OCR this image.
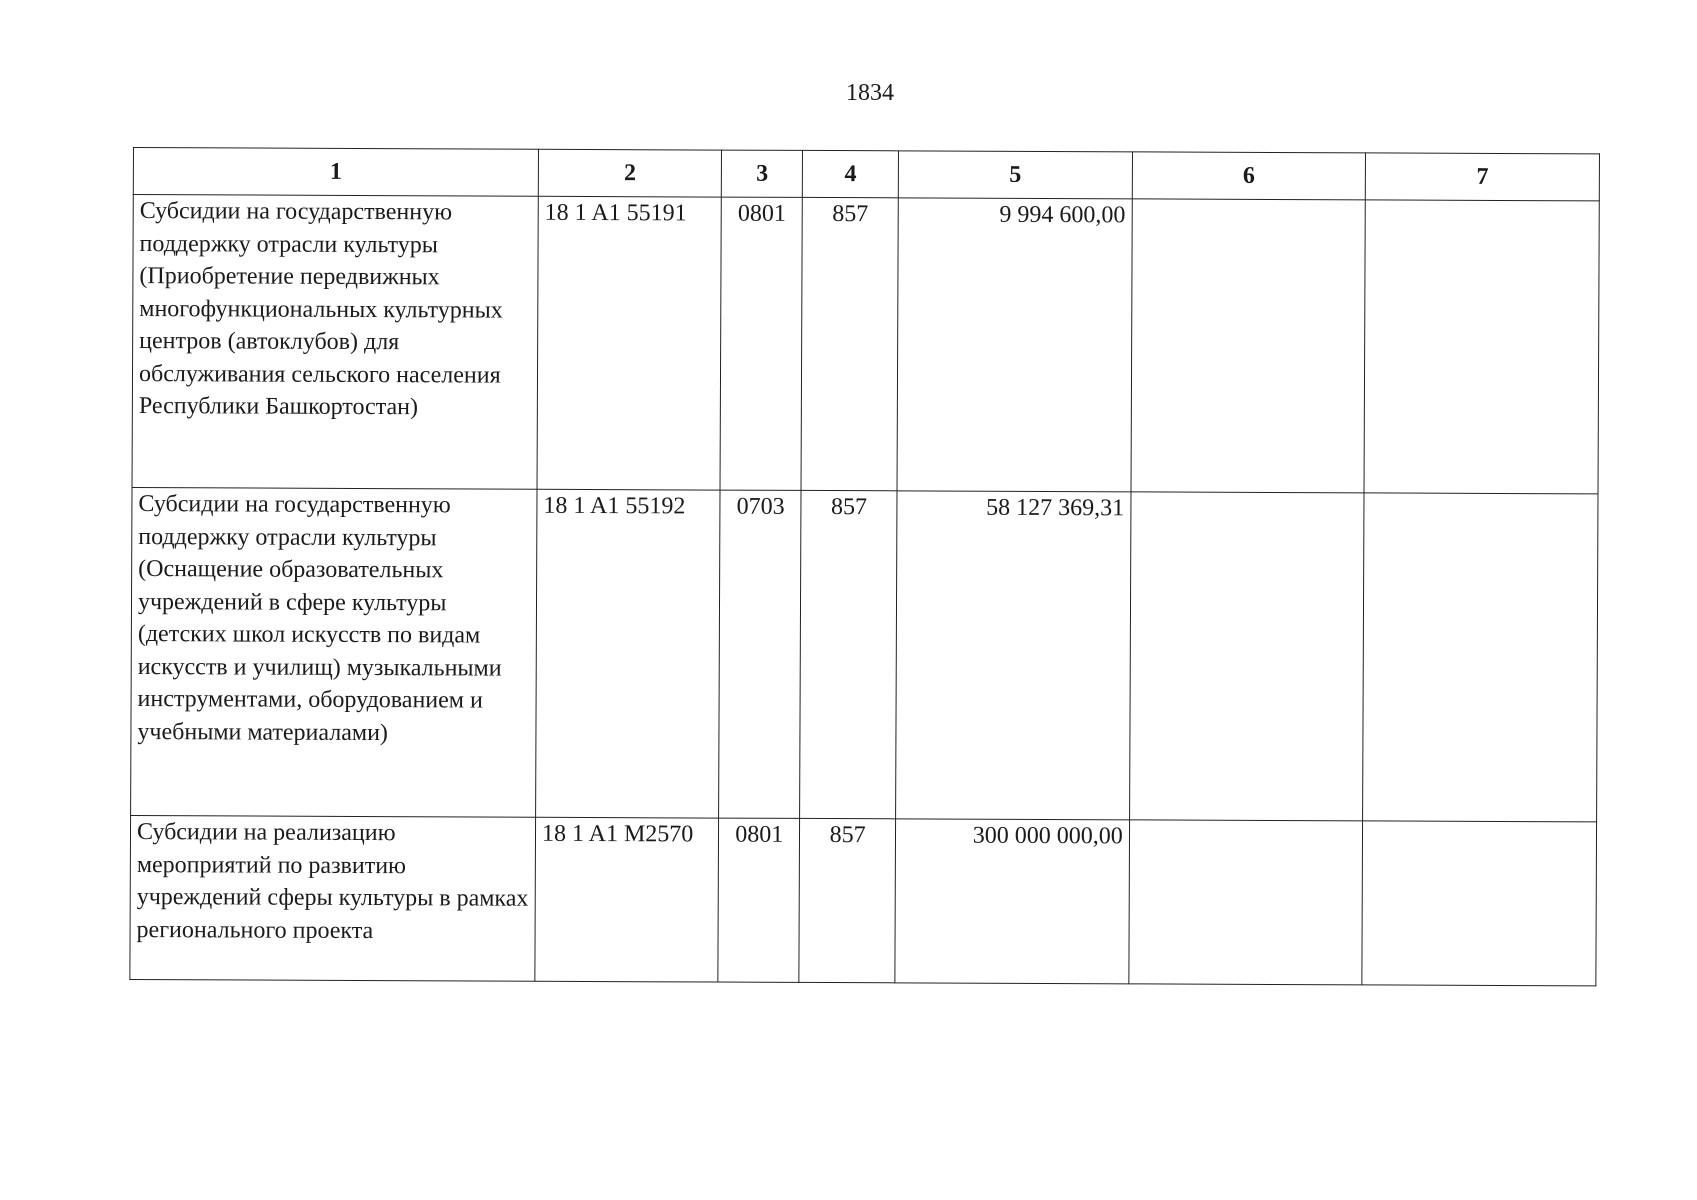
1834
1	2	3	4	5	6	7
Субсидии на государственную поддержку отрасли культуры (Приобретение передвижных многофункциональных культурных центров (автоклубов) для обслуживания сельского населения Республики Башкортостан)	18 1 A1 55191	0801	857	9 994 600,00		
Субсидии на государственную поддержку отрасли культуры (Оснащение образовательных учреждений в сфере культуры (детских школ искусств по видам искусств и училищ) музыкальными инструментами, оборудованием и учебными материалами)	18 1 A1 55192	0703	857	58 127 369,31		
Субсидии на реализацию мероприятий по развитию учреждений сферы культуры в рамках регионального проекта	18 1 A1 M2570	0801	857	300 000 000,00		
